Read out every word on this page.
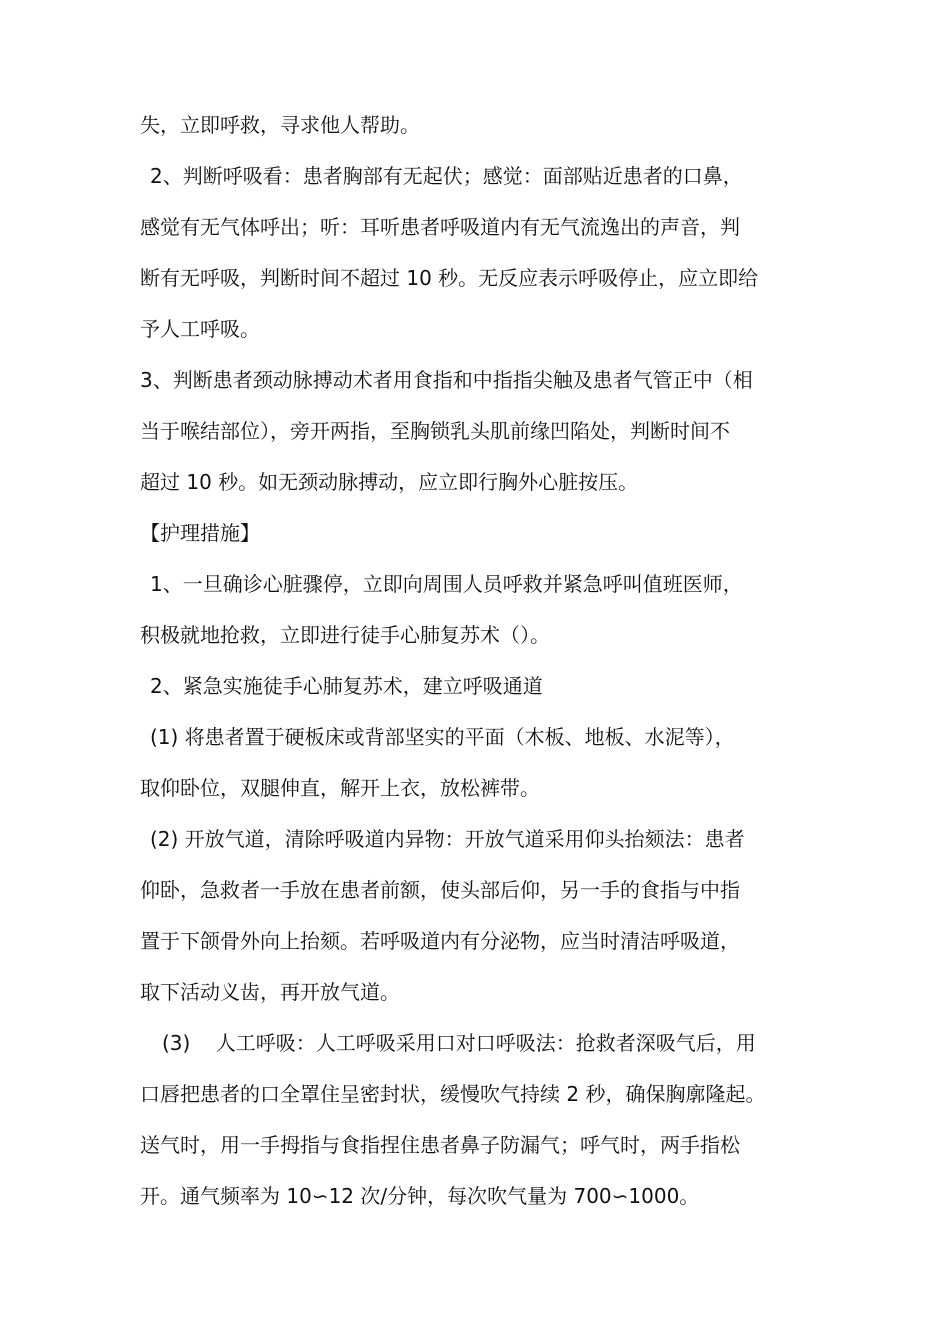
失，立即呼救，寻求他人帮助。
2、判断呼吸看：患者胸部有无起伏；感觉：面部贴近患者的口鼻，
感觉有无气体呼出；听：耳听患者呼吸道内有无气流逸出的声音，判
断有无呼吸，判断时间不超过 10 秒。无反应表示呼吸停止，应立即给
予人工呼吸。
3、判断患者颈动脉搏动术者用食指和中指指尖触及患者气管正中（相
当于喉结部位），旁开两指，至胸锁乳头肌前缘凹陷处，判断时间不
超过 10 秒。如无颈动脉搏动，应立即行胸外心脏按压。
【护理措施】
1、一旦确诊心脏骤停，立即向周围人员呼救并紧急呼叫值班医师，
积极就地抢救，立即进行徒手心肺复苏术（）。
2、紧急实施徒手心肺复苏术，建立呼吸通道
(1) 将患者置于硬板床或背部坚实的平面（木板、地板、水泥等），
取仰卧位，双腿伸直，解开上衣，放松裤带。
(2) 开放气道，清除呼吸道内异物：开放气道采用仰头抬颏法：患者
仰卧，急救者一手放在患者前额，使头部后仰，另一手的食指与中指
置于下颌骨外向上抬颏。若呼吸道内有分泌物，应当时清洁呼吸道，
取下活动义齿，再开放气道。
(3)    人工呼吸：人工呼吸采用口对口呼吸法：抢救者深吸气后，用
口唇把患者的口全罩住呈密封状，缓慢吹气持续 2 秒，确保胸廓隆起。
送气时，用一手拇指与食指捏住患者鼻子防漏气；呼气时，两手指松
开。通气频率为 10∽12 次/分钟，每次吹气量为 700∽1000。
